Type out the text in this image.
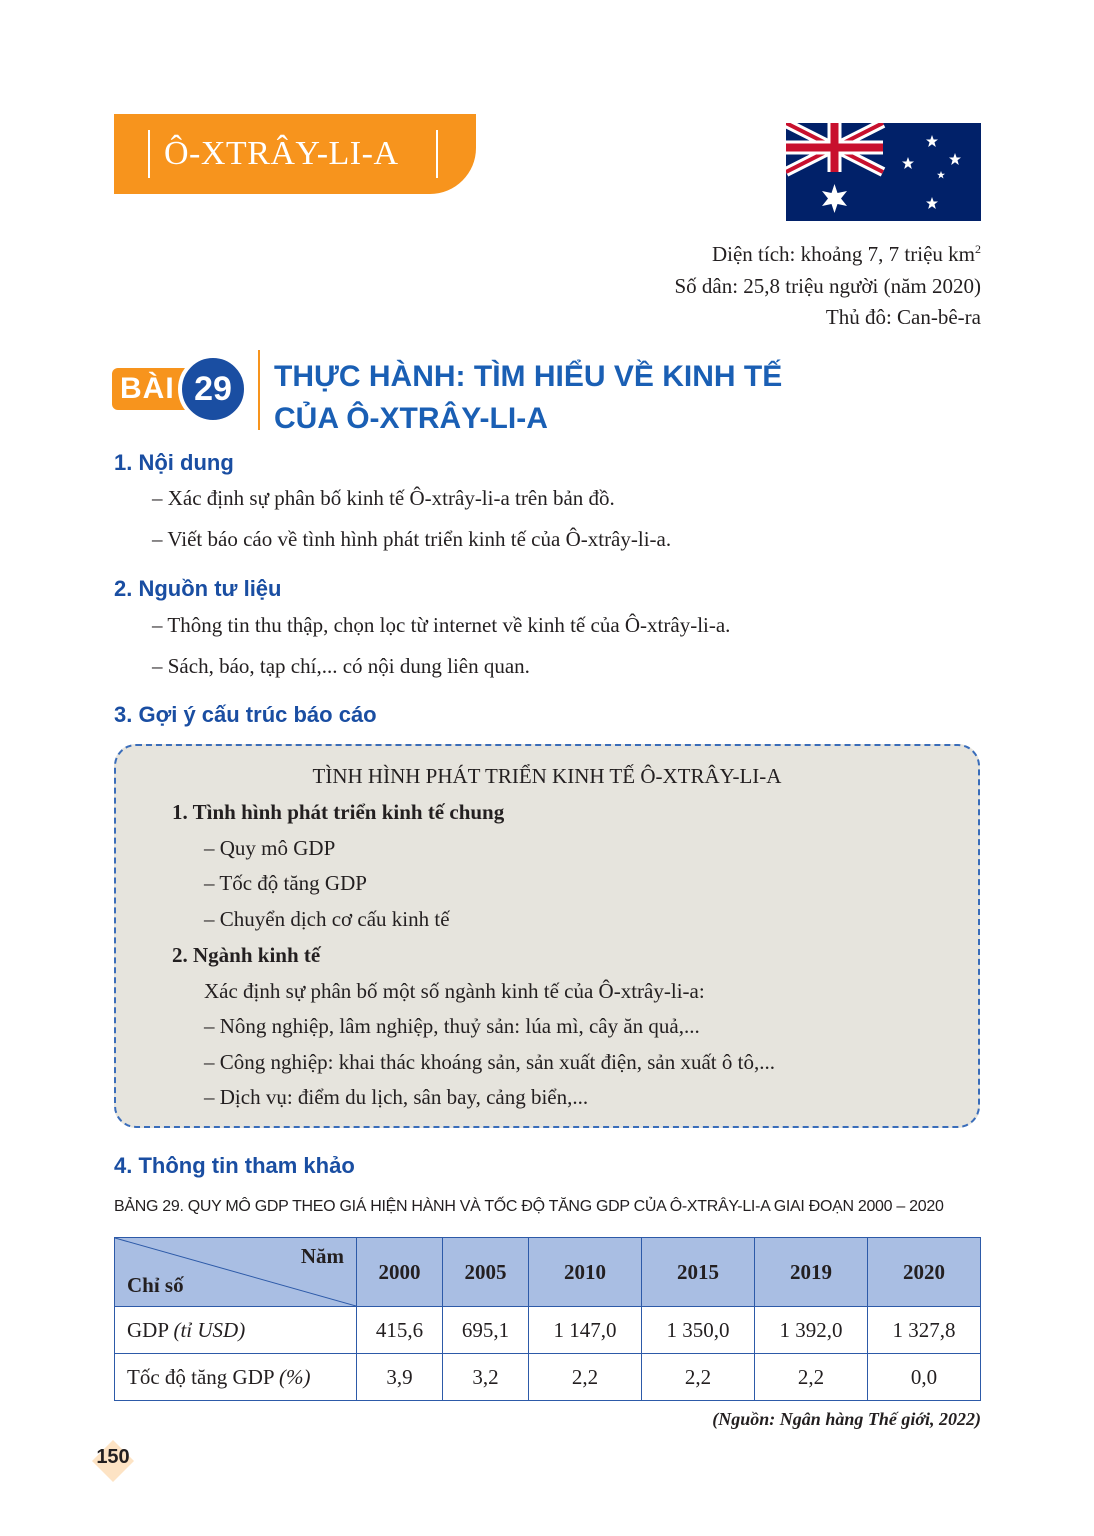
Ô-XTRÂY-LI-A
Diện tích: khoảng 7, 7 triệu $km^2$
Số dân: 25,8 triệu người (năm 2020)
Thủ đô: Can-bê-ra
BÀI 29	THỰC HÀNH: TÌM HIỂU VỀ KINH TẾ
CỦA Ô-XTRÂY-LI-A
1. Nội dung
– Xác định sự phân bố kinh tế Ô-xtrây-li-a trên bản đồ.
– Viết báo cáo về tình hình phát triển kinh tế của Ô-xtrây-li-a.
2. Nguồn tư liệu
– Thông tin thu thập, chọn lọc từ internet về kinh tế của Ô-xtrây-li-a.
– Sách, báo, tạp chí,... có nội dung liên quan.
3. Gợi ý cấu trúc báo cáo
TÌNH HÌNH PHÁT TRIỂN KINH TẾ Ô-XTRÂY-LI-A
1. Tình hình phát triển kinh tế chung
– Quy mô GDP
– Tốc độ tăng GDP
– Chuyển dịch cơ cấu kinh tế
2. Ngành kinh tế
Xác định sự phân bố một số ngành kinh tế của Ô-xtrây-li-a:
– Nông nghiệp, lâm nghiệp, thuỷ sản: lúa mì, cây ăn quả,...
– Công nghiệp: khai thác khoáng sản, sản xuất điện, sản xuất ô tô,...
– Dịch vụ: điểm du lịch, sân bay, cảng biển,...
4. Thông tin tham khảo
BẢNG 29. QUY MÔ GDP THEO GIÁ HIỆN HÀNH VÀ TỐC ĐỘ TĂNG GDP CỦA Ô-XTRÂY-LI-A GIAI ĐOẠN 2000 – 2020
Năm
Chỉ số	2000	2005	2010	2015	2019	2020
GDP (tỉ USD)	415,6	695,1	1 147,0	1 350,0	1 392,0	1 327,8
Tốc độ tăng GDP (%)	3,9	3,2	2,2	2,2	2,2	0,0
(Nguồn: Ngân hàng Thế giới, 2022)
150
